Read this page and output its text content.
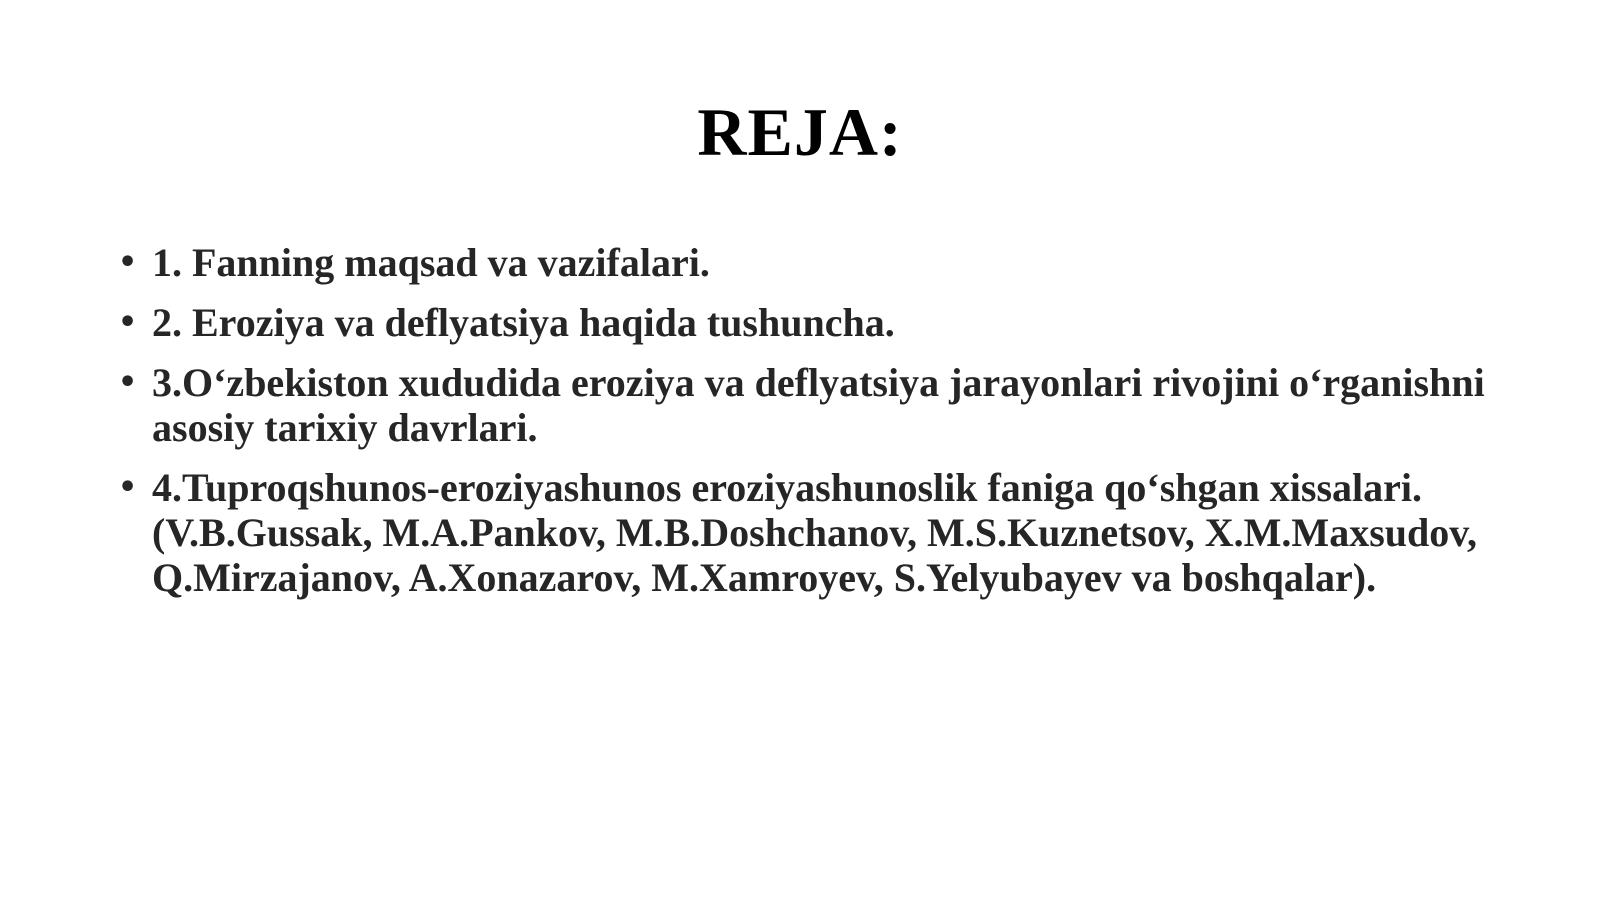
REJA:
• 1. Fanning maqsad va vazifalari.
• 2. Eroziya va deflyatsiya haqida tushuncha.
• 3.O‘zbekiston xududida eroziya va deflyatsiya jarayonlari rivojini o‘rganishni asosiy tarixiy davrlari.
• 4.Tuproqshunos-eroziyashunos eroziyashunoslik faniga qo‘shgan xissalari. (V.B.Gussak, M.A.Pankov, M.B.Doshchanov, M.S.Kuznetsov, X.M.Maxsudov, Q.Mirzajanov, A.Xonazarov, M.Xamroyev, S.Yelyubayev va boshqalar).
